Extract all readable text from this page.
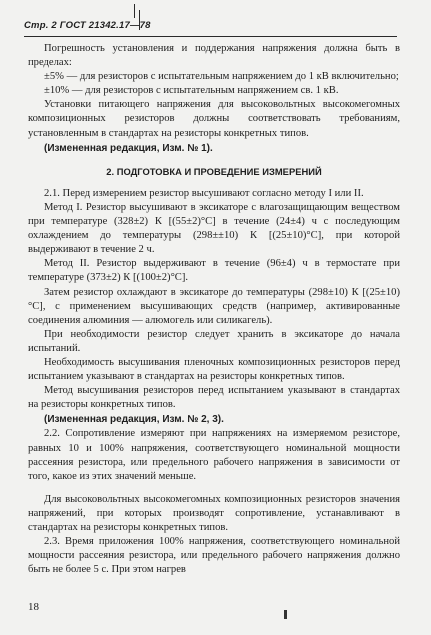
Стр. 2 ГОСТ 21342.17—78

Погрешность установления и поддержания напряжения должна быть в пределах:

±5% — для резисторов с испытательным напряжением до 1 кВ включительно;

±10% — для резисторов с испытательным напряжением св. 1 кВ.

Установки питающего напряжения для высоковольтных высокомегомных композиционных резисторов должны соответствовать требованиям, установленным в стандартах на резисторы конкретных типов.

(Измененная редакция, Изм. № 1).

2. ПОДГОТОВКА И ПРОВЕДЕНИЕ ИЗМЕРЕНИЙ

2.1. Перед измерением резистор высушивают согласно методу I или II.

Метод I. Резистор высушивают в эксикаторе с влагозащищающим веществом при температуре (328±2) К [(55±2)°С] в течение (24±4) ч с последующим охлаждением до температуры (298±±10) К [(25±10)°С], при которой выдерживают в течение 2 ч.

Метод II. Резистор выдерживают в течение (96±4) ч в термостате при температуре (373±2) К [(100±2)°С].

Затем резистор охлаждают в эксикаторе до температуры (298±10) К [(25±10)°С], с применением высушивающих средств (например, активированные соединения алюминия — алюмогель или силикагель).

При необходимости резистор следует хранить в эксикаторе до начала испытаний.

Необходимость высушивания пленочных композиционных резисторов перед испытанием указывают в стандартах на резисторы конкретных типов.

Метод высушивания резисторов перед испытанием указывают в стандартах на резисторы конкретных типов.

(Измененная редакция, Изм. № 2, 3).

2.2. Сопротивление измеряют при напряжениях на измеряемом резисторе, равных 10 и 100% напряжения, соответствующего номинальной мощности рассеяния резистора, или предельного рабочего напряжения в зависимости от того, какое из этих значений меньше.

Для высоковольтных высокомегомных композиционных резисторов значения напряжений, при которых производят сопротивление, устанавливают в стандартах на резисторы конкретных типов.

2.3. Время приложения 100% напряжения, соответствующего номинальной мощности рассеяния резистора, или предельного рабочего напряжения должно быть не более 5 с. При этом нагрев

18
